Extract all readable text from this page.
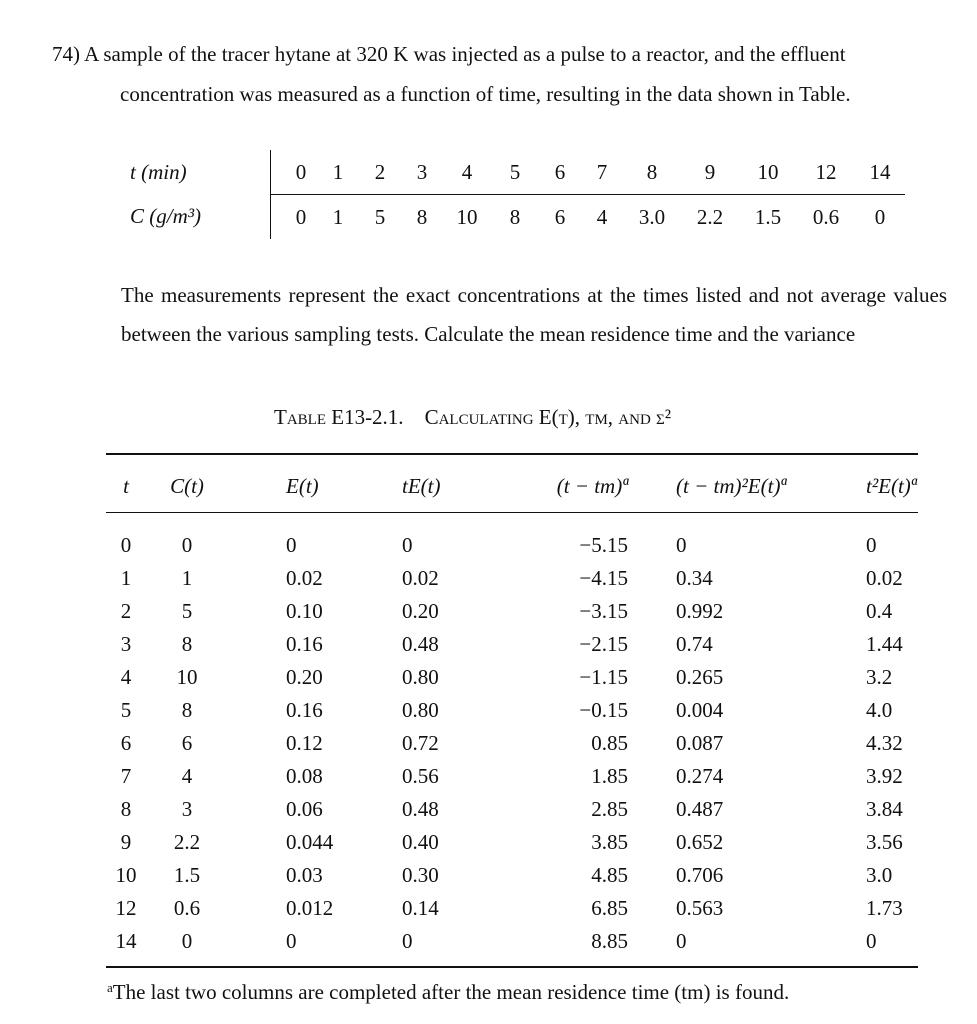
74) A sample of the tracer hytane at 320 K was injected as a pulse to a reactor, and the effluent
concentration was measured as a function of time, resulting in the data shown in Table.
t (min)		0	1	2	3	4	5	6	7	8	9	10	12	14
C (g/m³)		0	1	5	8	10	8	6	4	3.0	2.2	1.5	0.6	0
The measurements represent the exact concentrations at the times listed and not average values between the various sampling tests. Calculate the mean residence time and the variance
Table E13-2.1. Calculating E(t), tm, and σ²
t	C(t)	E(t)	tE(t)	(t − tm)ª	(t − tm)²E(t)ª	t²E(t)ª

0	0	0	0	−5.15	0	0
1	1	0.02	0.02	−4.15	0.34	0.02
2	5	0.10	0.20	−3.15	0.992	0.4
3	8	0.16	0.48	−2.15	0.74	1.44
4	10	0.20	0.80	−1.15	0.265	3.2
5	8	0.16	0.80	−0.15	0.004	4.0
6	6	0.12	0.72	0.85	0.087	4.32
7	4	0.08	0.56	1.85	0.274	3.92
8	3	0.06	0.48	2.85	0.487	3.84
9	2.2	0.044	0.40	3.85	0.652	3.56
10	1.5	0.03	0.30	4.85	0.706	3.0
12	0.6	0.012	0.14	6.85	0.563	1.73
14	0	0	0	8.85	0	0
$^a$The last two columns are completed after the mean residence time (tm) is found.
